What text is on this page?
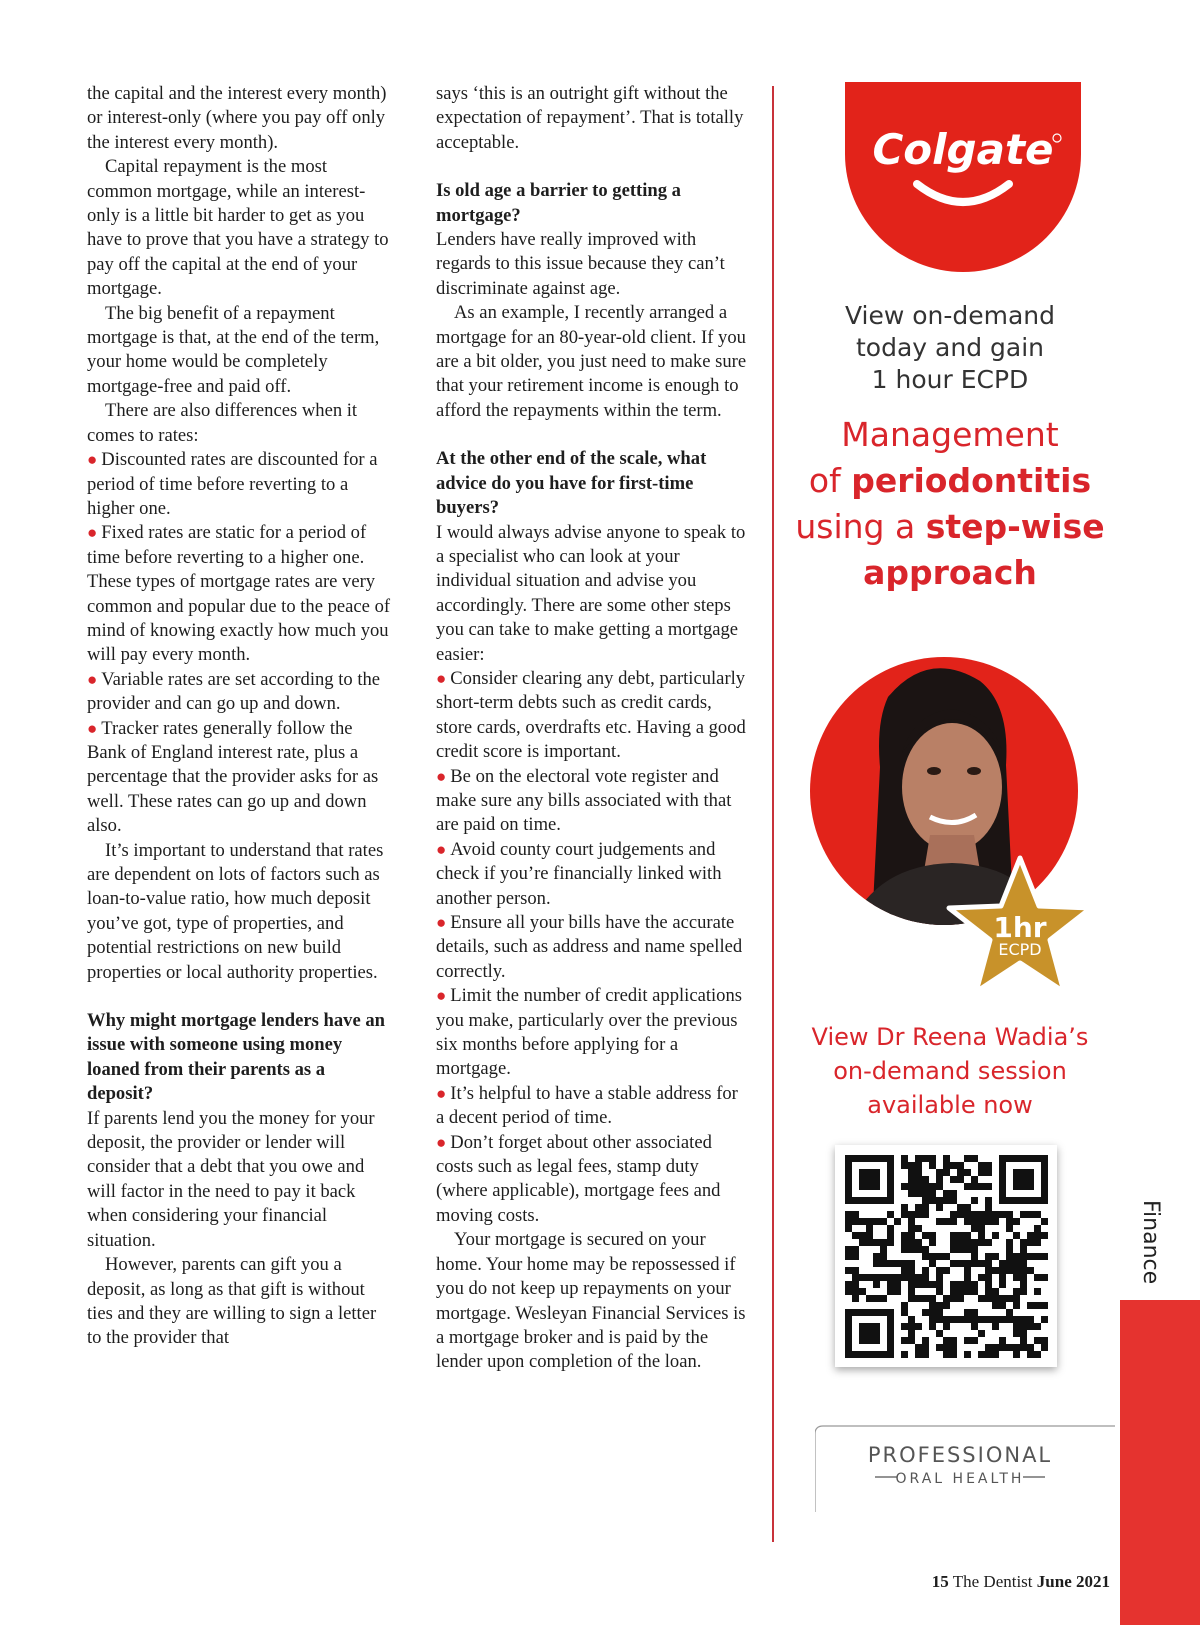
the capital and the interest every month) or interest-only (where you pay off only the interest every month).

Capital repayment is the most common mortgage, while an interest-only is a little bit harder to get as you have to prove that you have a strategy to pay off the capital at the end of your mortgage.

The big benefit of a repayment mortgage is that, at the end of the term, your home would be completely mortgage-free and paid off.

There are also differences when it comes to rates:

● Discounted rates are discounted for a period of time before reverting to a higher one.

● Fixed rates are static for a period of time before reverting to a higher one. These types of mortgage rates are very common and popular due to the peace of mind of knowing exactly how much you will pay every month.

● Variable rates are set according to the provider and can go up and down.

● Tracker rates generally follow the Bank of England interest rate, plus a percentage that the provider asks for as well. These rates can go up and down also.

It’s important to understand that rates are dependent on lots of factors such as loan-to-value ratio, how much deposit you’ve got, type of properties, and potential restrictions on new build properties or local authority properties.

Why might mortgage lenders have an issue with someone using money loaned from their parents as a deposit?

If parents lend you the money for your deposit, the provider or lender will consider that a debt that you owe and will factor in the need to pay it back when considering your financial situation.

However, parents can gift you a deposit, as long as that gift is without ties and they are willing to sign a letter to the provider that

says ‘this is an outright gift without the expectation of repayment’. That is totally acceptable.

Is old age a barrier to getting a mortgage?

Lenders have really improved with regards to this issue because they can’t discriminate against age.

As an example, I recently arranged a mortgage for an 80-year-old client. If you are a bit older, you just need to make sure that your retirement income is enough to afford the repayments within the term.

At the other end of the scale, what advice do you have for first-time buyers?

I would always advise anyone to speak to a specialist who can look at your individual situation and advise you accordingly. There are some other steps you can take to make getting a mortgage easier:

● Consider clearing any debt, particularly short-term debts such as credit cards, store cards, overdrafts etc. Having a good credit score is important.

● Be on the electoral vote register and make sure any bills associated with that are paid on time.

● Avoid county court judgements and check if you’re financially linked with another person.

● Ensure all your bills have the accurate details, such as address and name spelled correctly.

● Limit the number of credit applications you make, particularly over the previous six months before applying for a mortgage.

● It’s helpful to have a stable address for a decent period of time.

● Don’t forget about other associated costs such as legal fees, stamp duty (where applicable), mortgage fees and moving costs.

Your mortgage is secured on your home. Your home may be repossessed if you do not keep up repayments on your mortgage. Wesleyan Financial Services is a mortgage broker and is paid by the lender upon completion of the loan.

Colgate
View on-demand
today and gain
1 hour ECPD
Management
of periodontitis
using a step-wise
approach
1hr
ECPD
View Dr Reena Wadia’s
on-demand session
available now
PROFESSIONAL
ORAL HEALTH
Finance
15 The Dentist June 2021
